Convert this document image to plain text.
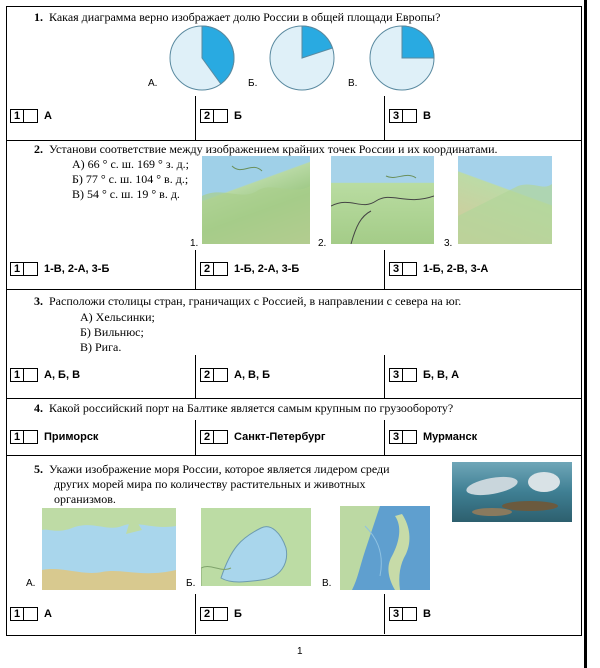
1. Какая диаграмма верно изображает долю России в общей площади Европы?
А.	Б.	В.
1	А	2	Б	3	В
2. Установи соответствие между изображением крайних точек России и их координатами.
А) 66 ° с. ш. 169 ° з. д.;
Б) 77 ° с. ш. 104 ° в. д.;
В) 54 ° с. ш. 19 ° в. д.
1.	2.	3.
1	1-В, 2-А, 3-Б	2	1-Б, 2-А, 3-Б	3	1-Б, 2-В, 3-А
3. Расположи столицы стран, граничащих с Россией, в направлении с севера на юг.
А) Хельсинки;
Б) Вильнюс;
В) Рига.
1	А, Б, В	2	А, В, Б	3	Б, В, А
4. Какой российский порт на Балтике является самым крупным по грузообороту?
1	Приморск	2	Санкт-Петербург	3	Мурманск
5. Укажи изображение моря России, которое является лидером среди
других морей мира по количеству растительных и животных
организмов.
А.	Б.	В.
1	А	2	Б	3	В
1
